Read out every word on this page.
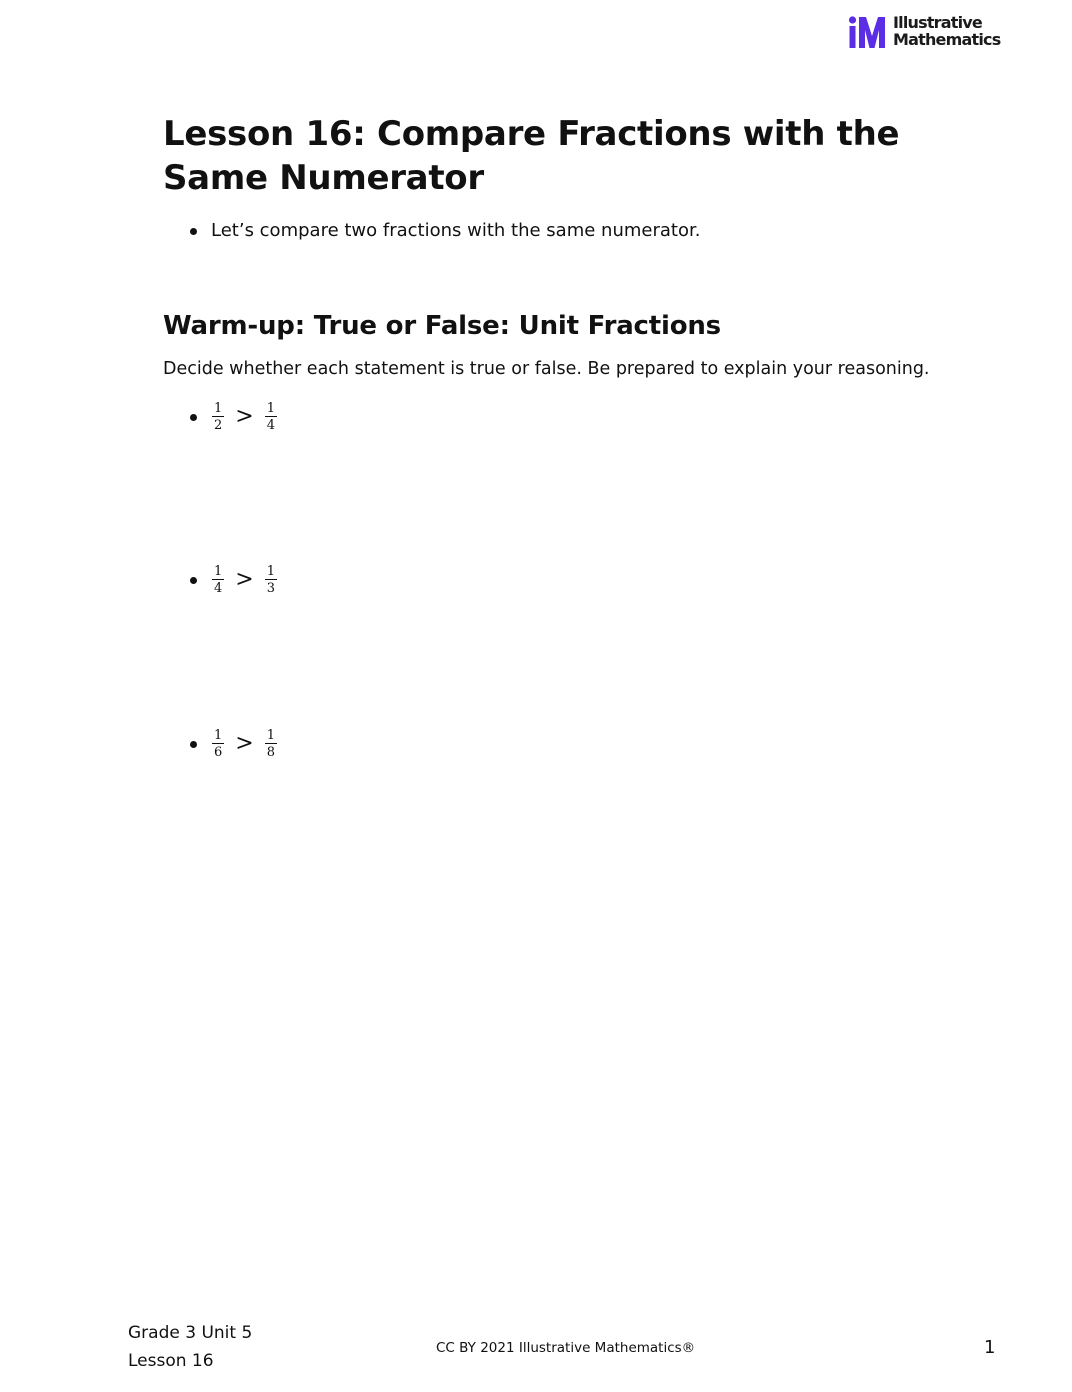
Illustrative
Mathematics
Lesson 16: Compare Fractions with the Same Numerator
Let’s compare two fractions with the same numerator.
Warm-up: True or False: Unit Fractions

Decide whether each statement is true or false. Be prepared to explain your reasoning.

$\frac{1}{2} > \frac{1}{4}$
$\frac{1}{4} > \frac{1}{3}$
$\frac{1}{6} > \frac{1}{8}$
Grade 3 Unit 5
Lesson 16
CC BY 2021 Illustrative Mathematics®	1
